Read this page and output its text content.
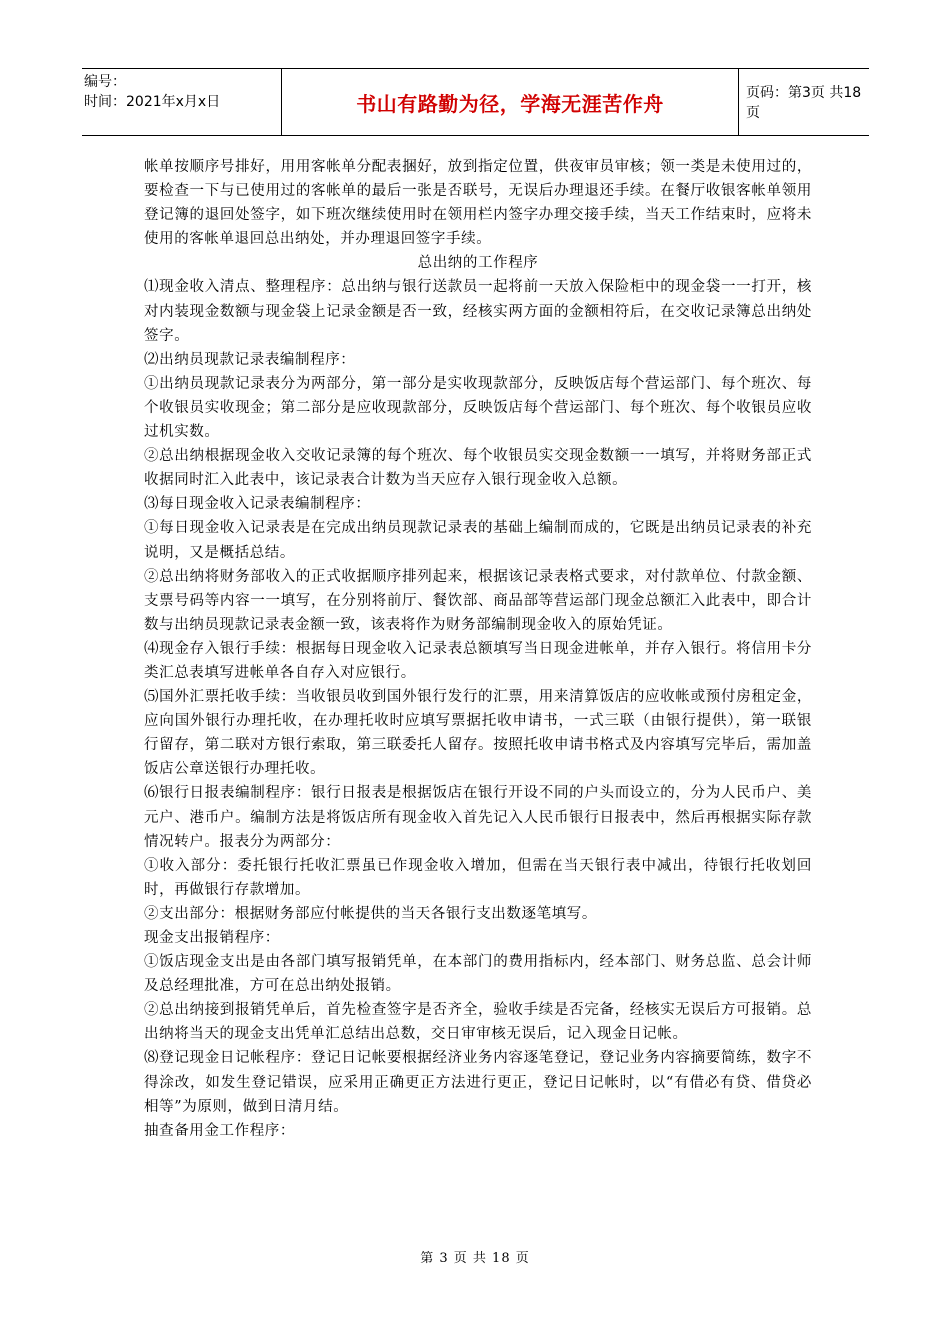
编号：
时间：2021年x月x日	书山有路勤为径，学海无涯苦作舟	页码：第3页 共18页

帐单按顺序号排好，用用客帐单分配表捆好，放到指定位置，供夜审员审核；领一类是未使用过的，要检查一下与已使用过的客帐单的最后一张是否联号，无误后办理退还手续。在餐厅收银客帐单领用登记簿的退回处签字，如下班次继续使用时在领用栏内签字办理交接手续，当天工作结束时，应将未使用的客帐单退回总出纳处，并办理退回签字手续。

总出纳的工作程序

⑴现金收入清点、整理程序：总出纳与银行送款员一起将前一天放入保险柜中的现金袋一一打开，核对内装现金数额与现金袋上记录金额是否一致，经核实两方面的金额相符后，在交收记录簿总出纳处签字。

⑵出纳员现款记录表编制程序：

①出纳员现款记录表分为两部分，第一部分是实收现款部分，反映饭店每个营运部门、每个班次、每个收银员实收现金；第二部分是应收现款部分，反映饭店每个营运部门、每个班次、每个收银员应收过机实数。

②总出纳根据现金收入交收记录簿的每个班次、每个收银员实交现金数额一一填写，并将财务部正式收据同时汇入此表中，该记录表合计数为当天应存入银行现金收入总额。

⑶每日现金收入记录表编制程序：

①每日现金收入记录表是在完成出纳员现款记录表的基础上编制而成的，它既是出纳员记录表的补充说明，又是概括总结。

②总出纳将财务部收入的正式收据顺序排列起来，根据该记录表格式要求，对付款单位、付款金额、支票号码等内容一一填写，在分别将前厅、餐饮部、商品部等营运部门现金总额汇入此表中，即合计数与出纳员现款记录表金额一致，该表将作为财务部编制现金收入的原始凭证。

⑷现金存入银行手续：根据每日现金收入记录表总额填写当日现金进帐单，并存入银行。将信用卡分类汇总表填写进帐单各自存入对应银行。

⑸国外汇票托收手续：当收银员收到国外银行发行的汇票，用来清算饭店的应收帐或预付房租定金，应向国外银行办理托收，在办理托收时应填写票据托收申请书，一式三联（由银行提供），第一联银行留存，第二联对方银行索取，第三联委托人留存。按照托收申请书格式及内容填写完毕后，需加盖饭店公章送银行办理托收。

⑹银行日报表编制程序：银行日报表是根据饭店在银行开设不同的户头而设立的，分为人民币户、美元户、港币户。编制方法是将饭店所有现金收入首先记入人民币银行日报表中，然后再根据实际存款情况转户。报表分为两部分：

①收入部分：委托银行托收汇票虽已作现金收入增加，但需在当天银行表中减出，待银行托收划回时，再做银行存款增加。

②支出部分：根据财务部应付帐提供的当天各银行支出数逐笔填写。

现金支出报销程序：

①饭店现金支出是由各部门填写报销凭单，在本部门的费用指标内，经本部门、财务总监、总会计师及总经理批准，方可在总出纳处报销。

②总出纳接到报销凭单后，首先检查签字是否齐全，验收手续是否完备，经核实无误后方可报销。总出纳将当天的现金支出凭单汇总结出总数，交日审审核无误后，记入现金日记帐。

⑻登记现金日记帐程序：登记日记帐要根据经济业务内容逐笔登记，登记业务内容摘要简练，数字不得涂改，如发生登记错误，应采用正确更正方法进行更正，登记日记帐时，以“有借必有贷、借贷必相等”为原则，做到日清月结。

抽查备用金工作程序：

第 3 页 共 18 页
